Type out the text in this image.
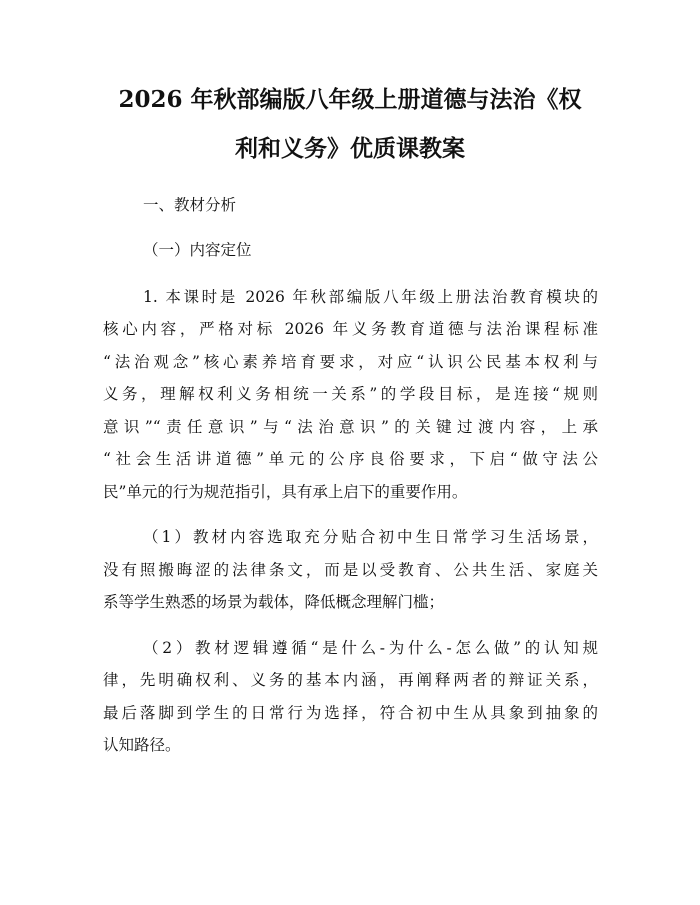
2026 年秋部编版八年级上册道德与法治《权
利和义务》优质课教案

一、教材分析

（一）内容定位

1. 本课时是 2026 年秋部编版八年级上册法治教育模块的

核心内容，严格对标 2026 年义务教育道德与法治课程标准

“法治观念”核心素养培育要求，对应“认识公民基本权利与

义务，理解权利义务相统一关系”的学段目标，是连接“规则

意识”“责任意识”与“法治意识”的关键过渡内容，上承

“社会生活讲道德”单元的公序良俗要求，下启“做守法公

民”单元的行为规范指引，具有承上启下的重要作用。

（1）教材内容选取充分贴合初中生日常学习生活场景，

没有照搬晦涩的法律条文，而是以受教育、公共生活、家庭关

系等学生熟悉的场景为载体，降低概念理解门槛；

（2）教材逻辑遵循“是什么-为什么-怎么做”的认知规

律，先明确权利、义务的基本内涵，再阐释两者的辩证关系，

最后落脚到学生的日常行为选择，符合初中生从具象到抽象的

认知路径。
